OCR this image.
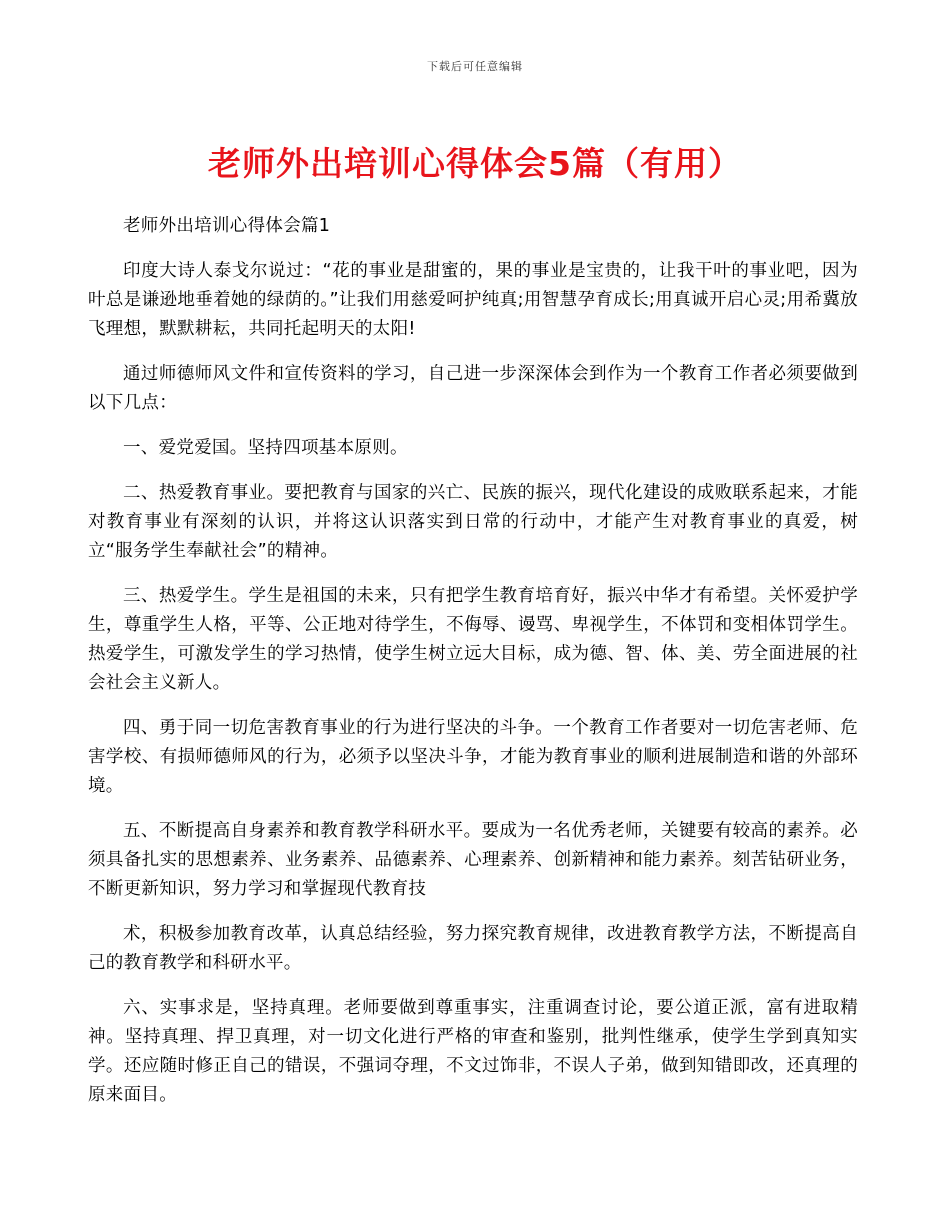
下载后可任意编辑
老师外出培训心得体会5篇（有用）

老师外出培训心得体会篇1

印度大诗人泰戈尔说过：“花的事业是甜蜜的，果的事业是宝贵的，让我干叶的事业吧，因为叶总是谦逊地垂着她的绿荫的。”让我们用慈爱呵护纯真;用智慧孕育成长;用真诚开启心灵;用希冀放飞理想，默默耕耘，共同托起明天的太阳!

通过师德师风文件和宣传资料的学习，自己进一步深深体会到作为一个教育工作者必须要做到以下几点：

一、爱党爱国。坚持四项基本原则。

二、热爱教育事业。要把教育与国家的兴亡、民族的振兴，现代化建设的成败联系起来，才能对教育事业有深刻的认识，并将这认识落实到日常的行动中，才能产生对教育事业的真爱，树立“服务学生奉献社会”的精神。

三、热爱学生。学生是祖国的未来，只有把学生教育培育好，振兴中华才有希望。关怀爱护学生，尊重学生人格，平等、公正地对待学生，不侮辱、谩骂、卑视学生，不体罚和变相体罚学生。热爱学生，可激发学生的学习热情，使学生树立远大目标，成为德、智、体、美、劳全面进展的社会社会主义新人。

四、勇于同一切危害教育事业的行为进行坚决的斗争。一个教育工作者要对一切危害老师、危害学校、有损师德师风的行为，必须予以坚决斗争，才能为教育事业的顺利进展制造和谐的外部环境。

五、不断提高自身素养和教育教学科研水平。要成为一名优秀老师，关键要有较高的素养。必须具备扎实的思想素养、业务素养、品德素养、心理素养、创新精神和能力素养。刻苦钻研业务，不断更新知识，努力学习和掌握现代教育技

术，积极参加教育改革，认真总结经验，努力探究教育规律，改进教育教学方法，不断提高自己的教育教学和科研水平。

六、实事求是，坚持真理。老师要做到尊重事实，注重调查讨论，要公道正派，富有进取精神。坚持真理、捍卫真理，对一切文化进行严格的审查和鉴别，批判性继承，使学生学到真知实学。还应随时修正自己的错误，不强词夺理，不文过饰非，不误人子弟，做到知错即改，还真理的原来面目。
